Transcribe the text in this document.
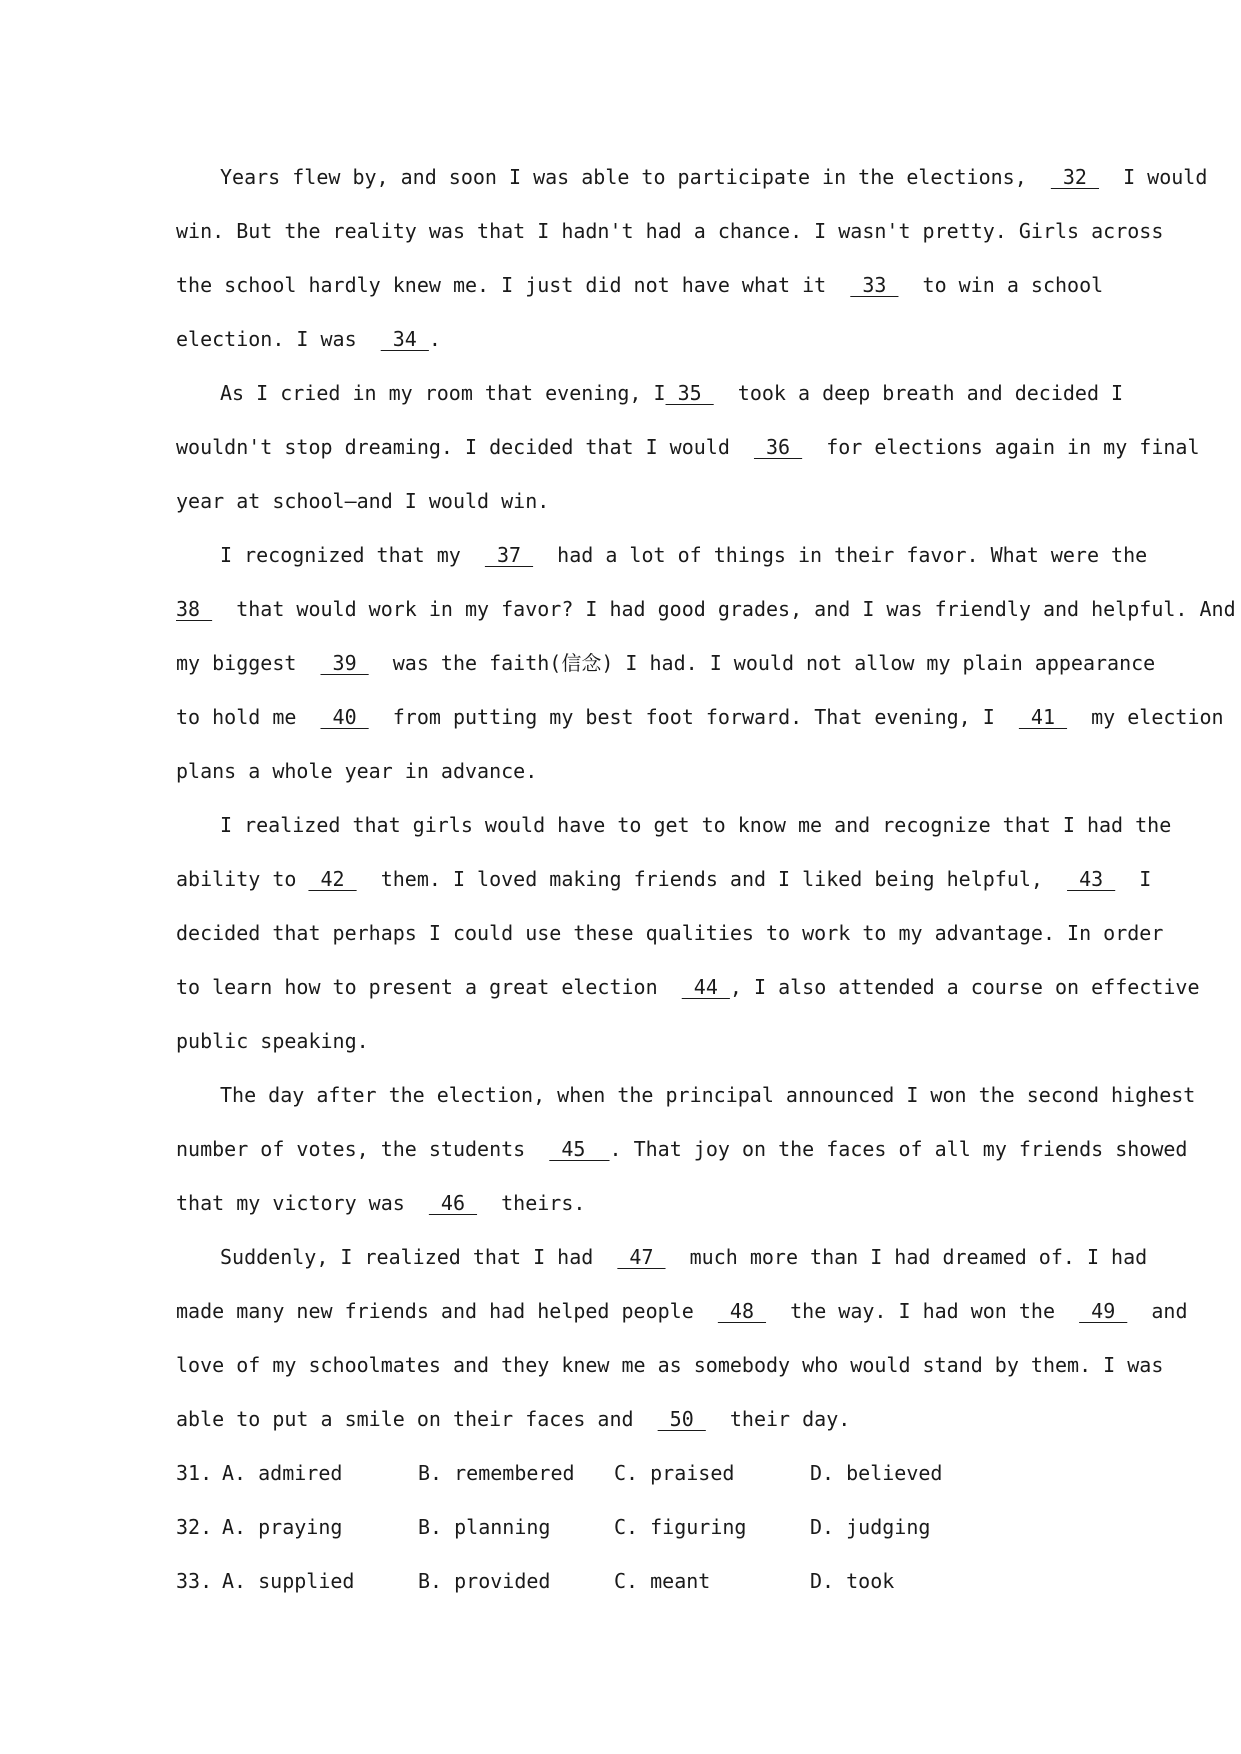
Years flew by, and soon I was able to participate in the elections,   32   I would
win. But the reality was that I hadn't had a chance. I wasn't pretty. Girls across
the school hardly knew me. I just did not have what it   33   to win a school
election. I was   34 .
As I cried in my room that evening, I 35   took a deep breath and decided I
wouldn't stop dreaming. I decided that I would   36   for elections again in my final
year at school—and I would win.
I recognized that my   37   had a lot of things in their favor. What were the
38   that would work in my favor? I had good grades, and I was friendly and helpful. And
my biggest   39   was the faith(信念) I had. I would not allow my plain appearance
to hold me   40   from putting my best foot forward. That evening, I   41   my election
plans a whole year in advance.
I realized that girls would have to get to know me and recognize that I had the
ability to _42   them. I loved making friends and I liked being helpful,   43   I
decided that perhaps I could use these qualities to work to my advantage. In order
to learn how to present a great election   44 , I also attended a course on effective
public speaking.
The day after the election, when the principal announced I won the second highest
number of votes, the students   45 _. That joy on the faces of all my friends showed
that my victory was   46   theirs.
Suddenly, I realized that I had   47   much more than I had dreamed of. I had
made many new friends and had helped people   48   the way. I had won the   49   and
love of my schoolmates and they knew me as somebody who would stand by them. I was
able to put a smile on their faces and   50   their day.
31. A. admired	B. remembered C. praised	D. believed
32. A. praying	B. planning	C. figuring	D. judging
33. A. supplied	B. provided	C. meant	D. took
